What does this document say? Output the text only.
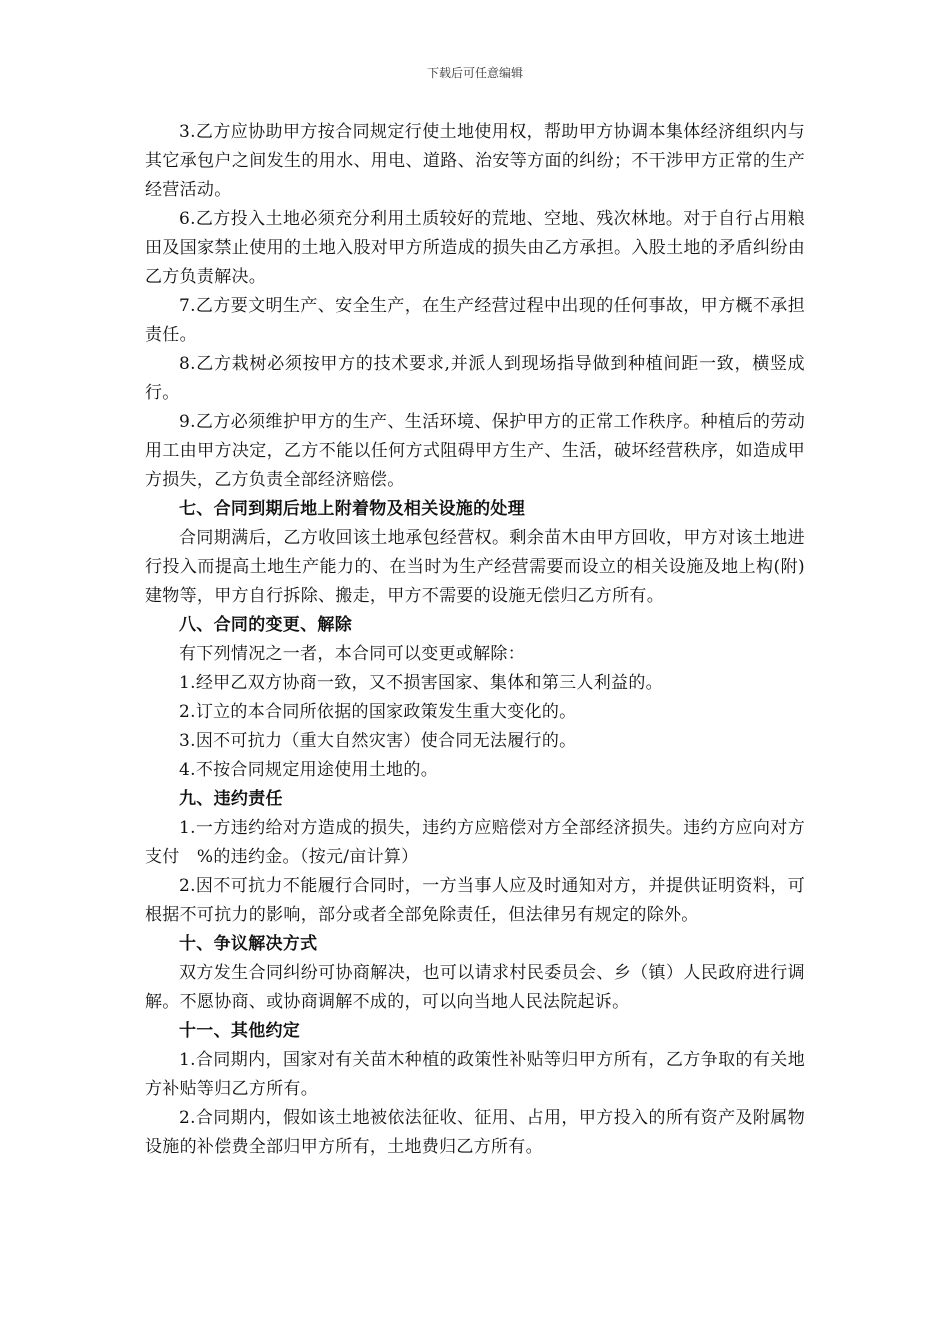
下载后可任意编辑

3.乙方应协助甲方按合同规定行使土地使用权，帮助甲方协调本集体经济组织内与其它承包户之间发生的用水、用电、道路、治安等方面的纠纷；不干涉甲方正常的生产经营活动。

6.乙方投入土地必须充分利用土质较好的荒地、空地、残次林地。对于自行占用粮田及国家禁止使用的土地入股对甲方所造成的损失由乙方承担。入股土地的矛盾纠纷由乙方负责解决。

7.乙方要文明生产、安全生产，在生产经营过程中出现的任何事故，甲方概不承担责任。

8.乙方栽树必须按甲方的技术要求,并派人到现场指导做到种植间距一致，横竖成行。

9.乙方必须维护甲方的生产、生活环境、保护甲方的正常工作秩序。种植后的劳动用工由甲方决定，乙方不能以任何方式阻碍甲方生产、生活，破坏经营秩序，如造成甲方损失，乙方负责全部经济赔偿。

七、合同到期后地上附着物及相关设施的处理

合同期满后，乙方收回该土地承包经营权。剩余苗木由甲方回收，甲方对该土地进行投入而提高土地生产能力的、在当时为生产经营需要而设立的相关设施及地上构(附)建物等，甲方自行拆除、搬走，甲方不需要的设施无偿归乙方所有。

八、合同的变更、解除

有下列情况之一者，本合同可以变更或解除：

1.经甲乙双方协商一致，又不损害国家、集体和第三人利益的。

2.订立的本合同所依据的国家政策发生重大变化的。

3.因不可抗力（重大自然灾害）使合同无法履行的。

4.不按合同规定用途使用土地的。

九、违约责任

1.一方违约给对方造成的损失，违约方应赔偿对方全部经济损失。违约方应向对方支付　%的违约金。（按元/亩计算）

2.因不可抗力不能履行合同时，一方当事人应及时通知对方，并提供证明资料，可根据不可抗力的影响，部分或者全部免除责任，但法律另有规定的除外。

十、争议解决方式

双方发生合同纠纷可协商解决，也可以请求村民委员会、乡（镇）人民政府进行调解。不愿协商、或协商调解不成的，可以向当地人民法院起诉。

十一、其他约定

1.合同期内，国家对有关苗木种植的政策性补贴等归甲方所有，乙方争取的有关地方补贴等归乙方所有。

2.合同期内，假如该土地被依法征收、征用、占用，甲方投入的所有资产及附属物设施的补偿费全部归甲方所有，土地费归乙方所有。
